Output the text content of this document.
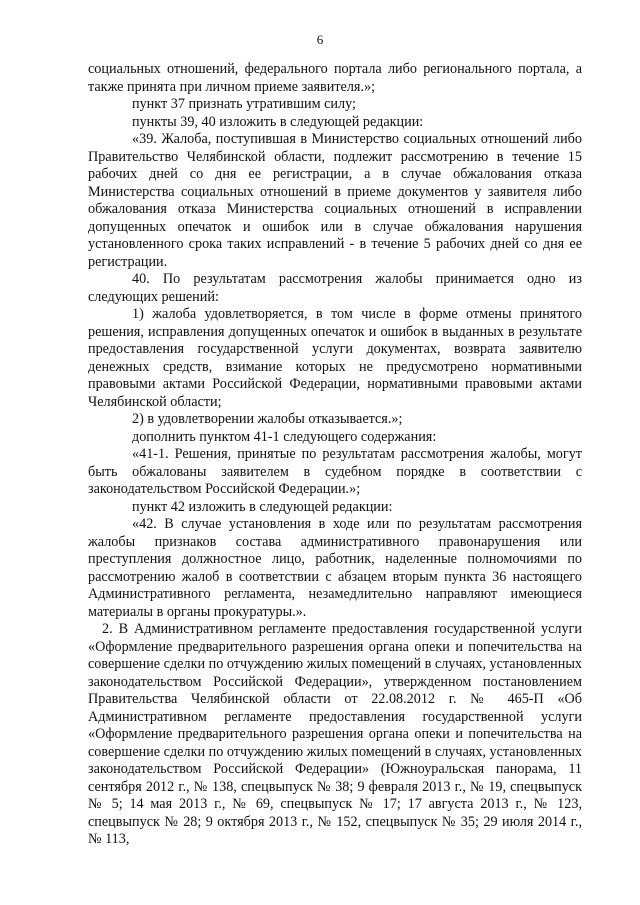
6

социальных отношений, федерального портала либо регионального портала, а также принята при личном приеме заявителя.»;

пункт 37 признать утратившим силу;

пункты 39, 40 изложить в следующей редакции:

«39. Жалоба, поступившая в Министерство социальных отношений либо Правительство Челябинской области, подлежит рассмотрению в течение 15 рабочих дней со дня ее регистрации, а в случае обжалования отказа Министерства социальных отношений в приеме документов у заявителя либо обжалования отказа Министерства социальных отношений в исправлении допущенных опечаток и ошибок или в случае обжалования нарушения установленного срока таких исправлений - в течение 5 рабочих дней со дня ее регистрации.

40. По результатам рассмотрения жалобы принимается одно из следующих решений:

1) жалоба удовлетворяется, в том числе в форме отмены принятого решения, исправления допущенных опечаток и ошибок в выданных в результате предоставления государственной услуги документах, возврата заявителю денежных средств, взимание которых не предусмотрено нормативными правовыми актами Российской Федерации, нормативными правовыми актами Челябинской области;

2) в удовлетворении жалобы отказывается.»;

дополнить пунктом 41-1 следующего содержания:

«41-1. Решения, принятые по результатам рассмотрения жалобы, могут быть обжалованы заявителем в судебном порядке в соответствии с законодательством Российской Федерации.»;

пункт 42 изложить в следующей редакции:

«42. В случае установления в ходе или по результатам рассмотрения жалобы признаков состава административного правонарушения или преступления должностное лицо, работник, наделенные полномочиями по рассмотрению жалоб в соответствии с абзацем вторым пункта 36 настоящего Административного регламента, незамедлительно направляют имеющиеся материалы в органы прокуратуры.».

2. В Административном регламенте предоставления государственной услуги «Оформление предварительного разрешения органа опеки и попечительства на совершение сделки по отчуждению жилых помещений в случаях, установленных законодательством Российской Федерации», утвержденном постановлением Правительства Челябинской области от 22.08.2012 г. № 465-П «Об Административном регламенте предоставления государственной услуги «Оформление предварительного разрешения органа опеки и попечительства на совершение сделки по отчуждению жилых помещений в случаях, установленных законодательством Российской Федерации» (Южноуральская панорама, 11 сентября 2012 г., № 138, спецвыпуск № 38; 9 февраля 2013 г., № 19, спецвыпуск № 5; 14 мая 2013 г., № 69, спецвыпуск № 17; 17 августа 2013 г., № 123, спецвыпуск № 28; 9 октября 2013 г., № 152, спецвыпуск № 35; 29 июля 2014 г., № 113,
